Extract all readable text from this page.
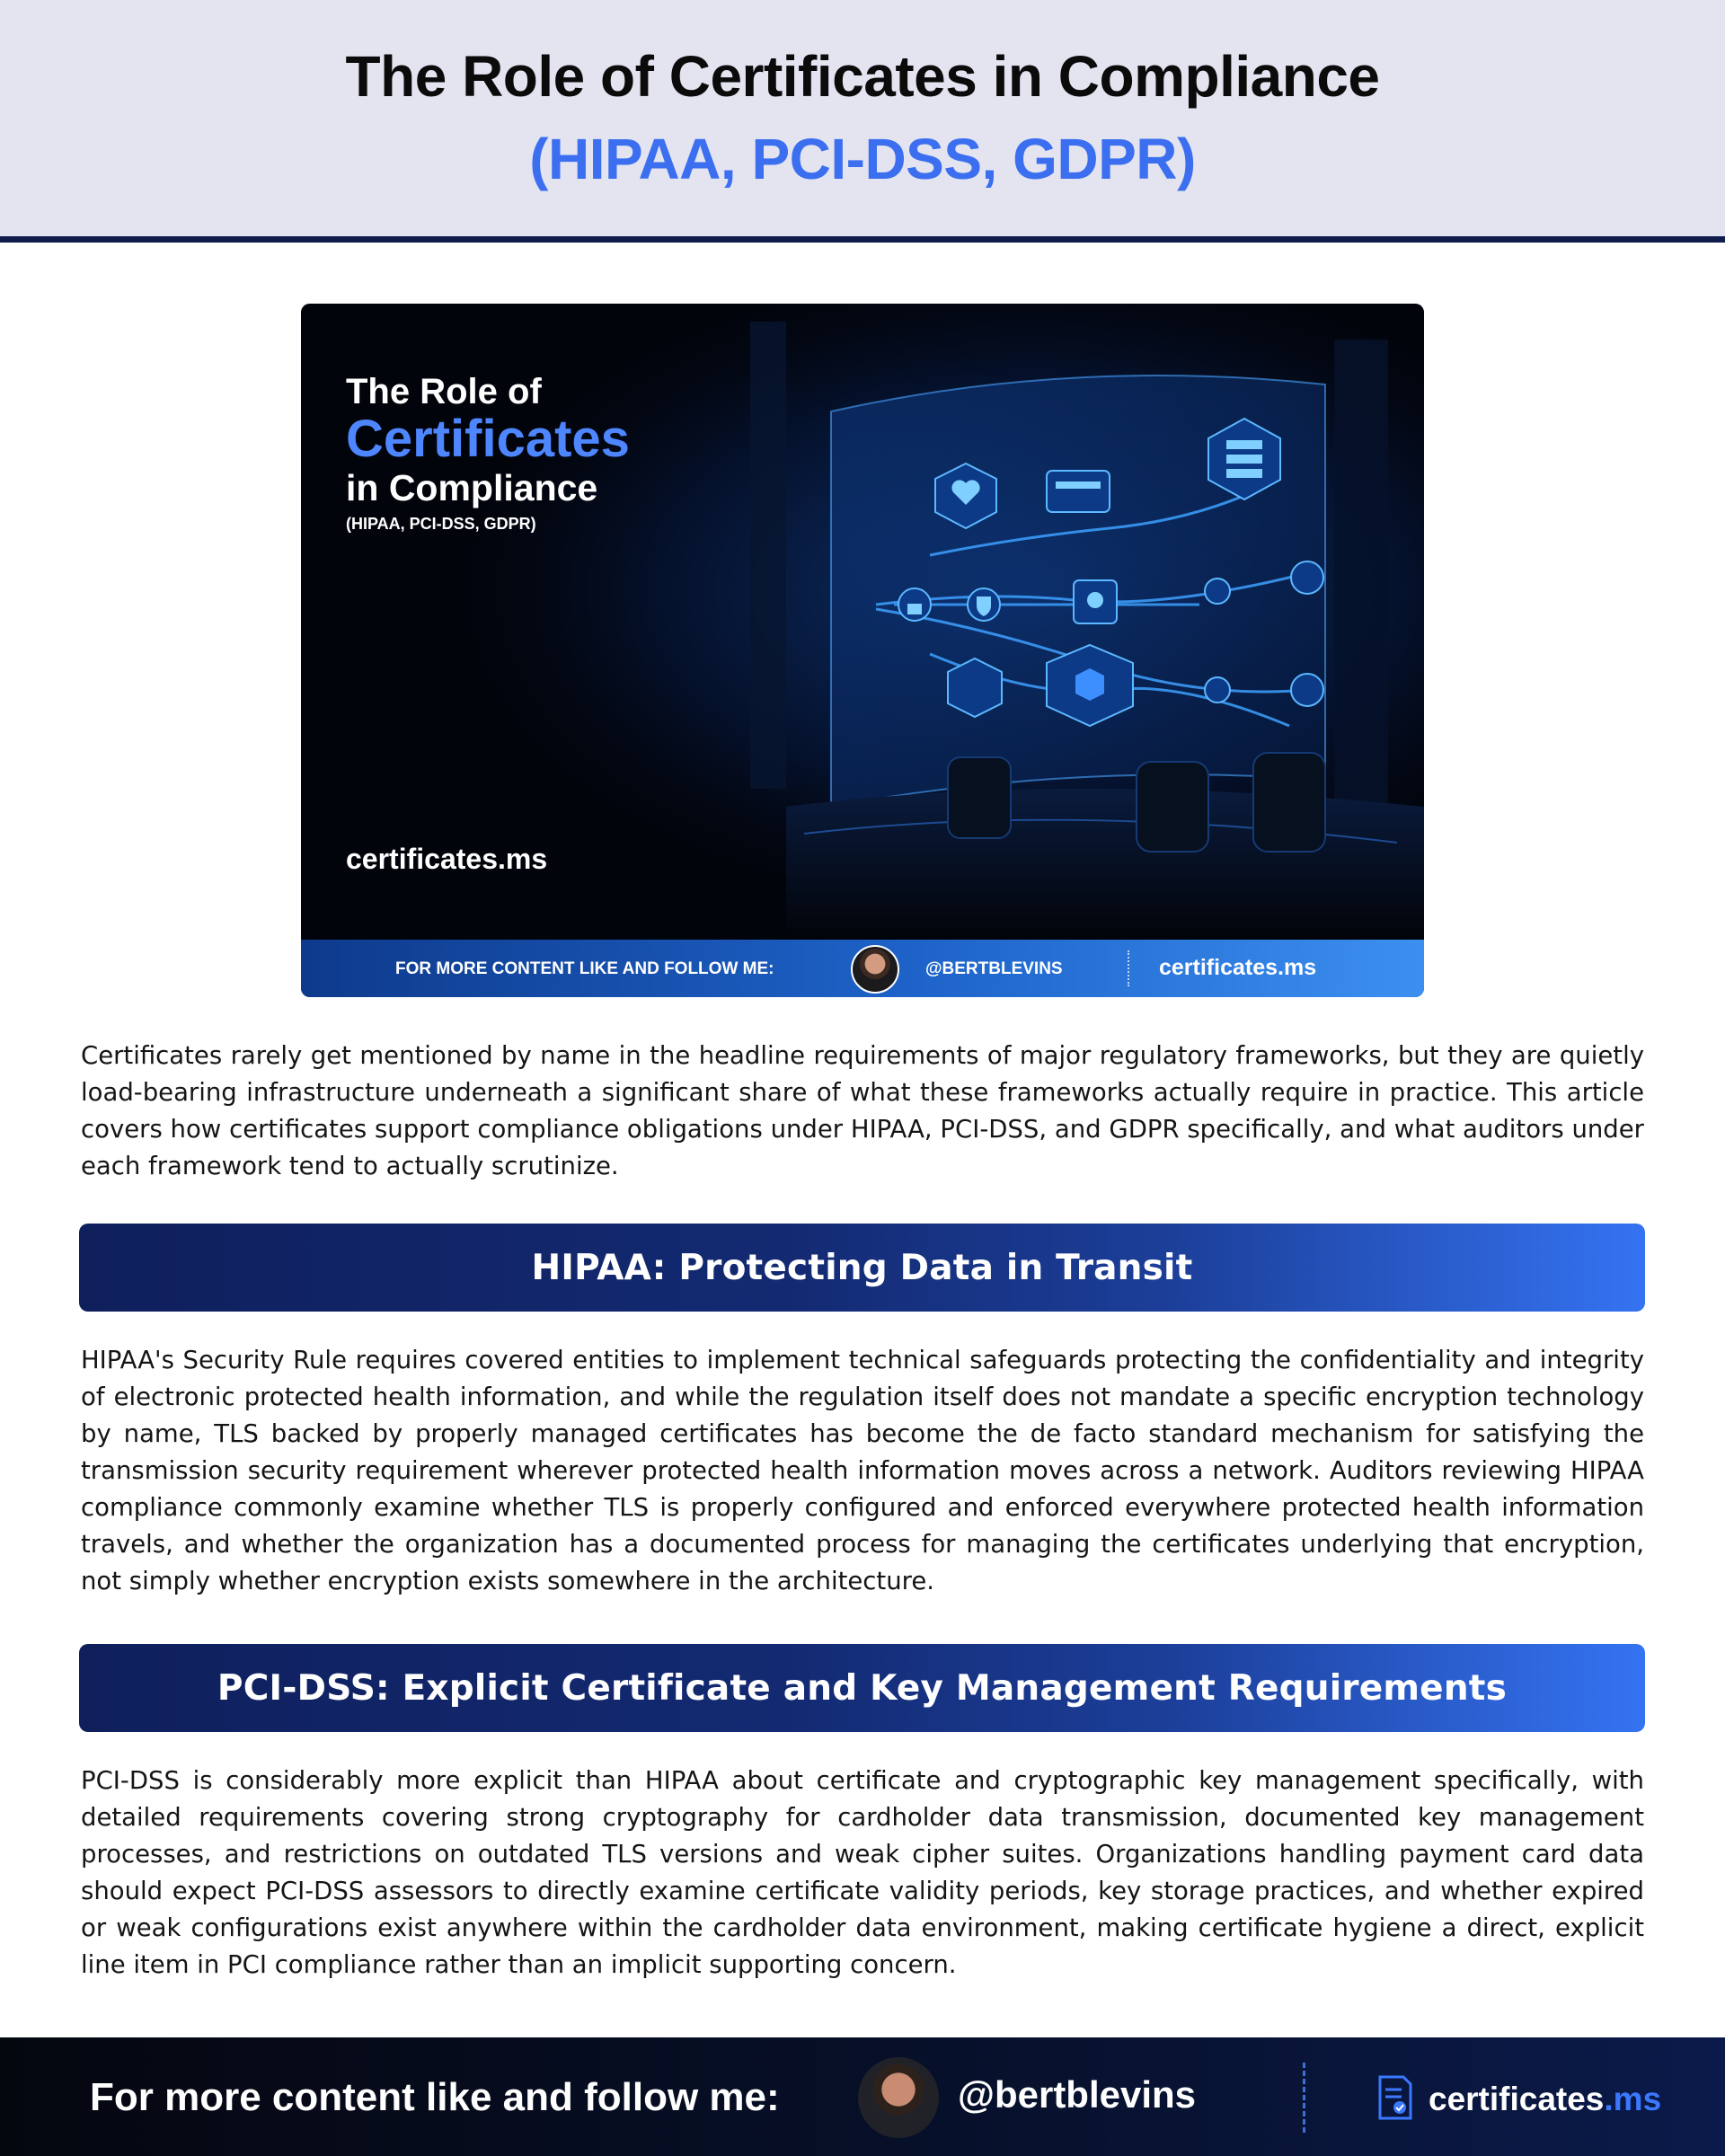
The Role of Certificates in Compliance
(HIPAA, PCI-DSS, GDPR)
The Role of
Certificates
in Compliance
(HIPAA, PCI-DSS, GDPR)
certificates.ms
FOR MORE CONTENT LIKE AND FOLLOW ME:	@BERTBLEVINS	certificates.ms

Certificates rarely get mentioned by name in the headline requirements of major regulatory frameworks, but they are quietly load-bearing infrastructure underneath a significant share of what these frameworks actually require in practice. This article covers how certificates support compliance obligations under HIPAA, PCI-DSS, and GDPR specifically, and what auditors under each framework tend to actually scrutinize.

HIPAA: Protecting Data in Transit

HIPAA's Security Rule requires covered entities to implement technical safeguards protecting the confidentiality and integrity of electronic protected health information, and while the regulation itself does not mandate a specific encryption technology by name, TLS backed by properly managed certificates has become the de facto standard mechanism for satisfying the transmission security requirement wherever protected health information moves across a network. Auditors reviewing HIPAA compliance commonly examine whether TLS is properly configured and enforced everywhere protected health information travels, and whether the organization has a documented process for managing the certificates underlying that encryption, not simply whether encryption exists somewhere in the architecture.

PCI-DSS: Explicit Certificate and Key Management Requirements

PCI-DSS is considerably more explicit than HIPAA about certificate and cryptographic key management specifically, with detailed requirements covering strong cryptography for cardholder data transmission, documented key management processes, and restrictions on outdated TLS versions and weak cipher suites. Organizations handling payment card data should expect PCI-DSS assessors to directly examine certificate validity periods, key storage practices, and whether expired or weak configurations exist anywhere within the cardholder data environment, making certificate hygiene a direct, explicit line item in PCI compliance rather than an implicit supporting concern.

For more content like and follow me:	@bertblevins	certificates.ms
